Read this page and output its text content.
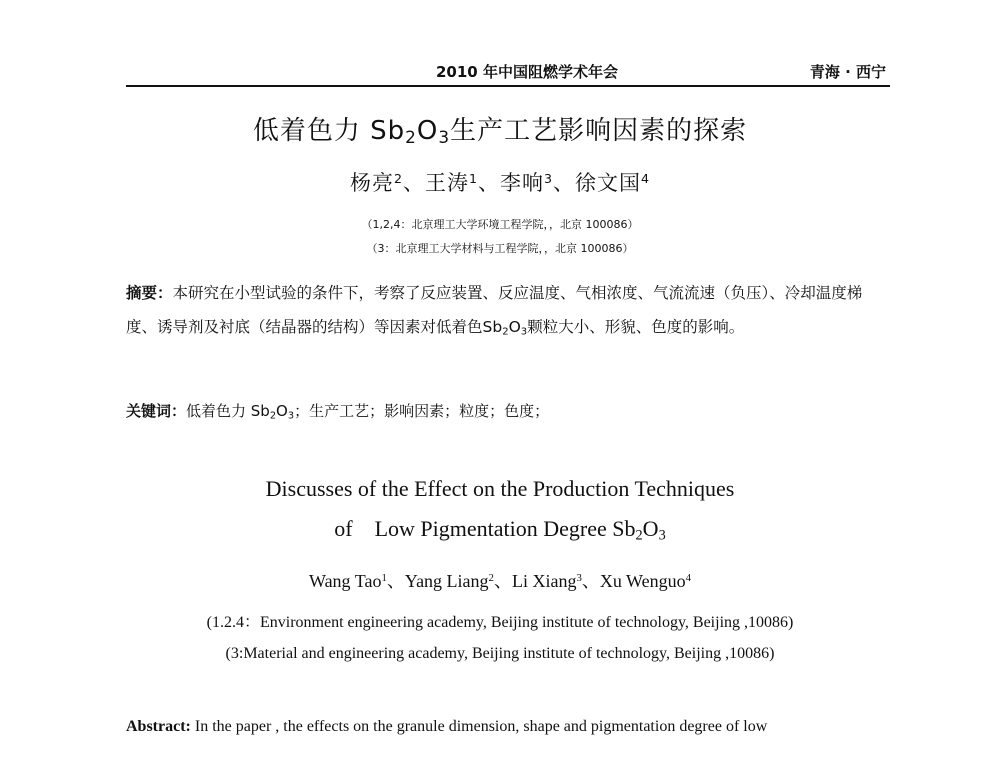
2010 年中国阻燃学术年会	青海 · 西宁
低着色力 $Sb_2O_3$生产工艺影响因素的探索
杨亮$^2$、王涛$^1$、李响$^3$、徐文国$^4$
（1,2,4：北京理工大学环境工程学院，，北京 100086）
（3：北京理工大学材料与工程学院，，北京 100086）
摘要：本研究在小型试验的条件下，考察了反应装置、反应温度、气相浓度、气流流速（负压）、冷却温度梯度、诱导剂及衬底（结晶器的结构）等因素对低着色$Sb_2O_3$颗粒大小、形貌、色度的影响。
关键词：低着色力 $Sb_2O_3$；生产工艺；影响因素；粒度；色度；
Discusses of the Effect on the Production Techniques
of    Low Pigmentation Degree $Sb_2O_3$
Wang Tao$^1$、Yang Liang$^2$、Li Xiang$^3$、Xu Wenguo$^4$
(1.2.4：Environment engineering academy, Beijing institute of technology, Beijing ,10086)
(3:Material and engineering academy, Beijing institute of technology, Beijing ,10086)
Abstract: In the paper , the effects on the granule dimension, shape and pigmentation degree of low
